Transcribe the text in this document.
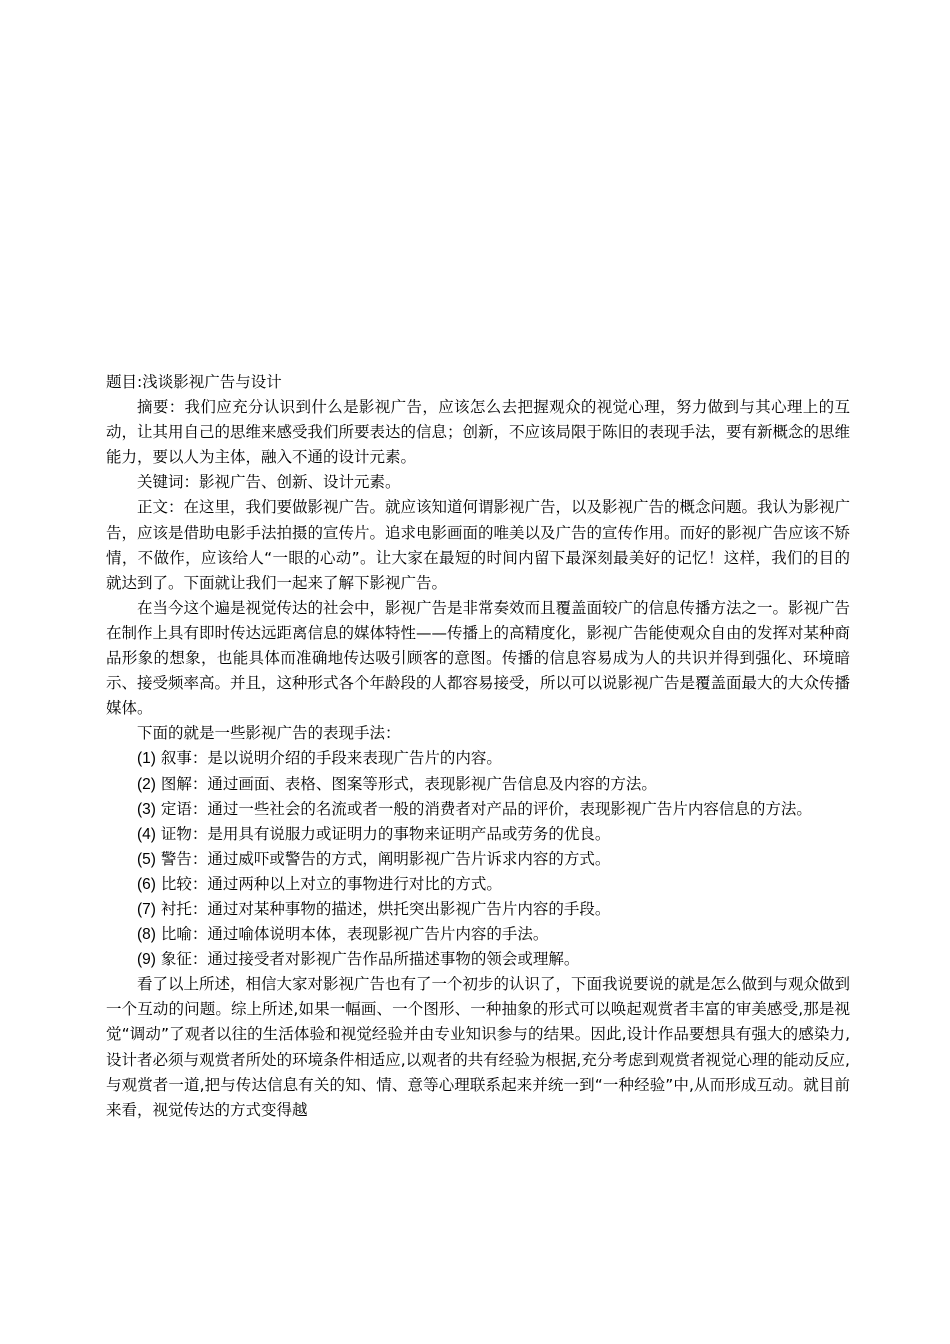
题目:浅谈影视广告与设计

摘要：我们应充分认识到什么是影视广告，应该怎么去把握观众的视觉心理，努力做到与其心理上的互动，让其用自己的思维来感受我们所要表达的信息；创新，不应该局限于陈旧的表现手法，要有新概念的思维能力，要以人为主体，融入不通的设计元素。

关键词：影视广告、创新、设计元素。

正文：在这里，我们要做影视广告。就应该知道何谓影视广告，以及影视广告的概念问题。我认为影视广告，应该是借助电影手法拍摄的宣传片。追求电影画面的唯美以及广告的宣传作用。而好的影视广告应该不矫情，不做作，应该给人“一眼的心动”。让大家在最短的时间内留下最深刻最美好的记忆！这样，我们的目的就达到了。下面就让我们一起来了解下影视广告。

在当今这个遍是视觉传达的社会中，影视广告是非常奏效而且覆盖面较广的信息传播方法之一。影视广告在制作上具有即时传达远距离信息的媒体特性——传播上的高精度化，影视广告能使观众自由的发挥对某种商品形象的想象，也能具体而准确地传达吸引顾客的意图。传播的信息容易成为人的共识并得到强化、环境暗示、接受频率高。并且，这种形式各个年龄段的人都容易接受，所以可以说影视广告是覆盖面最大的大众传播媒体。

下面的就是一些影视广告的表现手法：

(1) 叙事：是以说明介绍的手段来表现广告片的内容。

(2) 图解：通过画面、表格、图案等形式，表现影视广告信息及内容的方法。

(3) 定语：通过一些社会的名流或者一般的消费者对产品的评价，表现影视广告片内容信息的方法。

(4) 证物：是用具有说服力或证明力的事物来证明产品或劳务的优良。

(5) 警告：通过威吓或警告的方式，阐明影视广告片诉求内容的方式。

(6) 比较：通过两种以上对立的事物进行对比的方式。

(7) 衬托：通过对某种事物的描述，烘托突出影视广告片内容的手段。

(8) 比喻：通过喻体说明本体，表现影视广告片内容的手法。

(9) 象征：通过接受者对影视广告作品所描述事物的领会或理解。

看了以上所述，相信大家对影视广告也有了一个初步的认识了，下面我说要说的就是怎么做到与观众做到一个互动的问题。综上所述,如果一幅画、一个图形、一种抽象的形式可以唤起观赏者丰富的审美感受,那是视觉“调动”了观者以往的生活体验和视觉经验并由专业知识参与的结果。因此,设计作品要想具有强大的感染力,设计者必须与观赏者所处的环境条件相适应,以观者的共有经验为根据,充分考虑到观赏者视觉心理的能动反应,与观赏者一道,把与传达信息有关的知、情、意等心理联系起来并统一到“一种经验”中,从而形成互动。就目前来看，视觉传达的方式变得越
